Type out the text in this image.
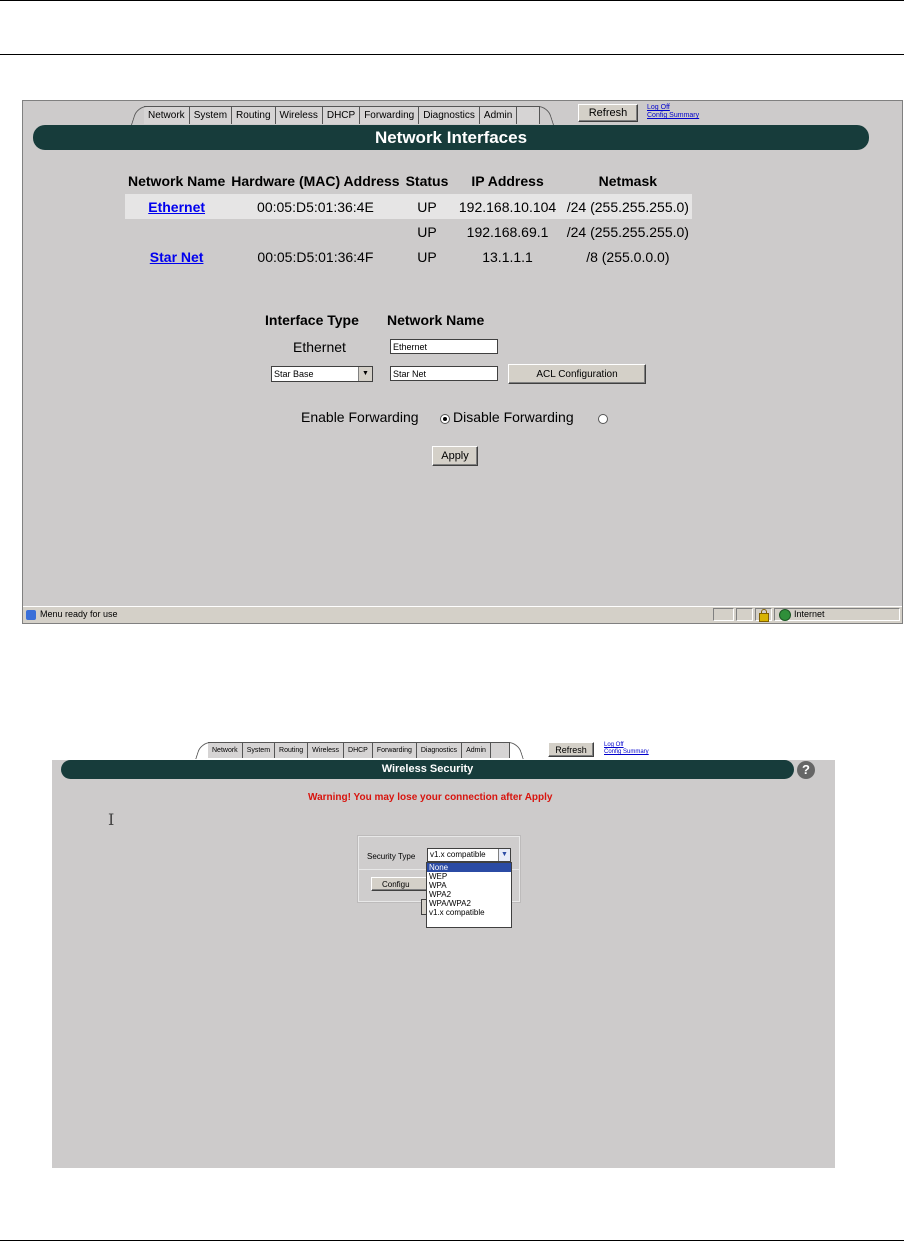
Network System Routing Wireless DHCP Forwarding Diagnostics Admin	Refresh	Log Off
Config Summary
Network Interfaces
Network Name	Hardware (MAC) Address	Status	IP Address	Netmask
Ethernet	00:05:D5:01:36:4E	UP	192.168.10.104	/24 (255.255.255.0)
		UP	192.168.69.1	/24 (255.255.255.0)
Star Net	00:05:D5:01:36:4F	UP	13.1.1.1	/8 (255.0.0.0)
Interface Type Network Name
Ethernet
Ethernet
Star Base	▼
Star Net	ACL Configuration
Enable Forwarding Disable Forwarding
Apply
Menu ready for use	Internet
Network	System	Routing	Wireless	DHCP	Forwarding	Diagnostics	Admin	Refresh	Log Off
Config Summary
Wireless Security	?
Warning! You may lose your connection after Apply
I
Security Type	v1.x compatible	▼
Configu
None
WEP
WPA
WPA2
WPA/WPA2
v1.x compatible
